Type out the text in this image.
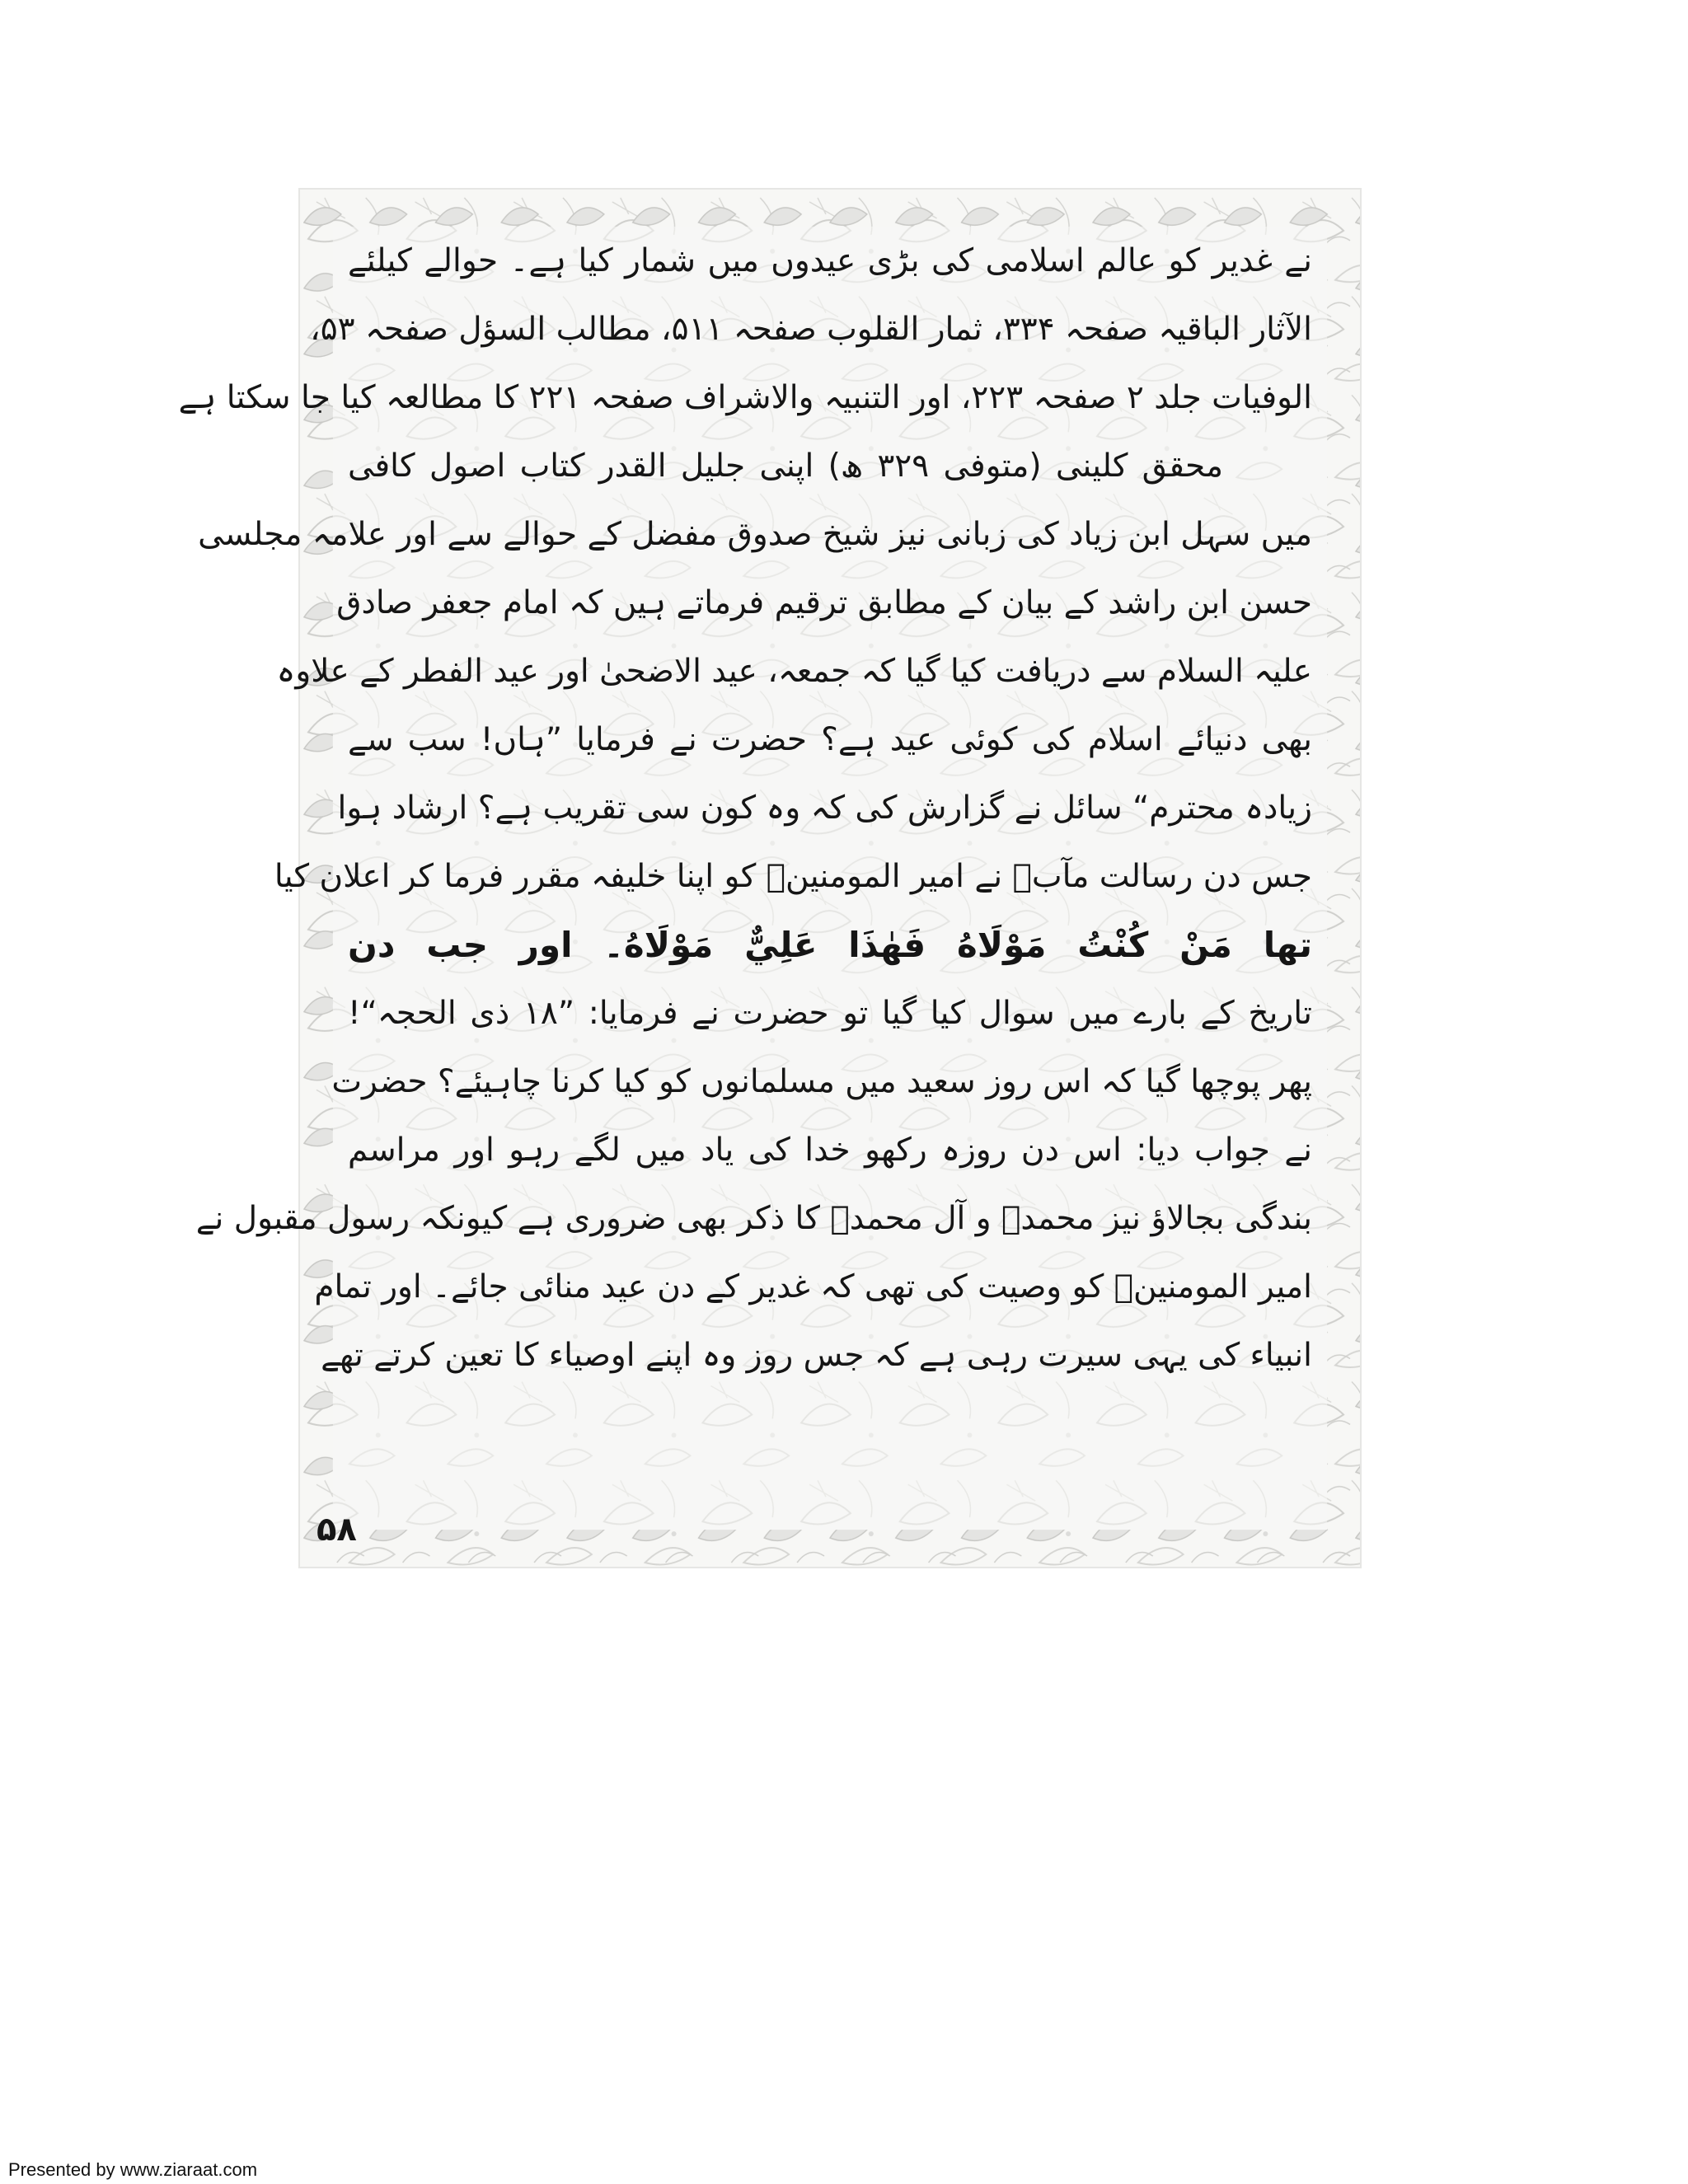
نے غدیر کو عالم اسلامی کی بڑی عیدوں میں شمار کیا ہے۔ حوالے کیلئے
الآثار الباقیہ صفحہ ۳۳۴، ثمار القلوب صفحہ ۵۱۱، مطالب السؤل صفحہ ۵۳،
الوفیات جلد ۲ صفحہ ۲۲۳، اور التنبیہ والاشراف صفحہ ۲۲۱ کا مطالعہ کیا جا سکتا ہے
محقق کلینی (متوفی ۳۲۹ ھ) اپنی جلیل القدر کتاب اصول کافی
میں سہل ابن زیاد کی زبانی نیز شیخ صدوق مفضل کے حوالے سے اور علامہ مجلسی
حسن ابن راشد کے بیان کے مطابق ترقیم فرماتے ہیں کہ امام جعفر صادق
علیہ السلام سے دریافت کیا گیا کہ جمعہ، عید الاضحیٰ اور عید الفطر کے علاوہ
بھی دنیائے اسلام کی کوئی عید ہے؟ حضرت نے فرمایا ”ہاں! سب سے
زیادہ محترم“ سائل نے گزارش کی کہ وہ کون سی تقریب ہے؟ ارشاد ہوا
جس دن رسالت مآبؐ نے امیر المومنینؑ کو اپنا خلیفہ مقرر فرما کر اعلان کیا
تھا مَنْ كُنْتُ مَوْلَاهُ فَهٰذَا عَلِيٌّ مَوْلَاهُ۔ اور جب دن
تاریخ کے بارے میں سوال کیا گیا تو حضرت نے فرمایا: ”۱۸ ذی الحجہ“!
پھر پوچھا گیا کہ اس روز سعید میں مسلمانوں کو کیا کرنا چاہیئے؟ حضرت
نے جواب دیا: اس دن روزہ رکھو خدا کی یاد میں لگے رہو اور مراسم
بندگی بجالاؤ نیز محمدؐ و آل محمدؑ کا ذکر بھی ضروری ہے کیونکہ رسول مقبول نے
امیر المومنینؑ کو وصیت کی تھی کہ غدیر کے دن عید منائی جائے۔ اور تمام
انبیاء کی یہی سیرت رہی ہے کہ جس روز وہ اپنے اوصیاء کا تعین کرتے تھے
۵۸
Presented by www.ziaraat.com
